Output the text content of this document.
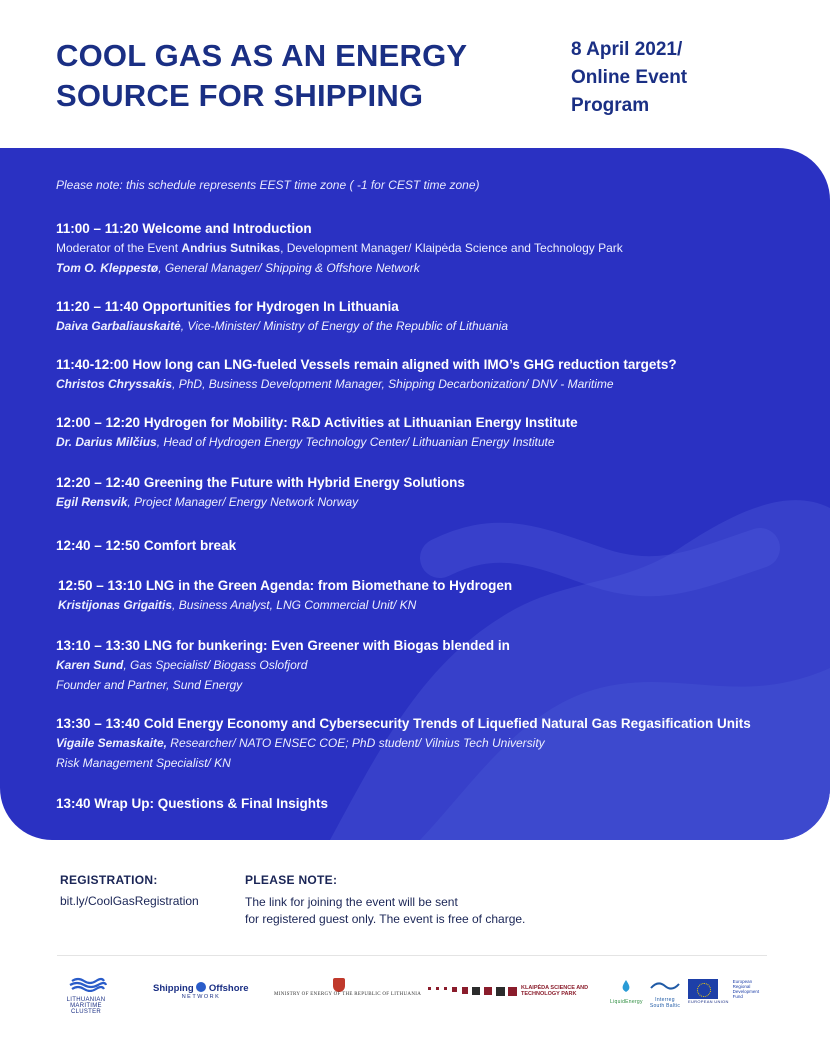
COOL GAS AS AN ENERGY
SOURCE FOR SHIPPING
8 April 2021/
Online Event
Program
Please note: this schedule represents EEST time zone ( -1 for CEST time zone)
11:00 – 11:20 Welcome and Introduction
Moderator of the Event Andrius Sutnikas, Development Manager/ Klaipėda Science and Technology Park
Tom O. Kleppestø, General Manager/ Shipping & Offshore Network
11:20 – 11:40 Opportunities for Hydrogen In Lithuania
Daiva Garbaliauskaitė, Vice-Minister/ Ministry of Energy of the Republic of Lithuania
11:40-12:00 How long can LNG-fueled Vessels remain aligned with IMO’s GHG reduction targets?
Christos Chryssakis, PhD, Business Development Manager, Shipping Decarbonization/ DNV - Maritime
12:00 – 12:20 Hydrogen for Mobility: R&D Activities at Lithuanian Energy Institute
Dr. Darius Milčius, Head of Hydrogen Energy Technology Center/ Lithuanian Energy Institute
12:20 – 12:40 Greening the Future with Hybrid Energy Solutions
Egil Rensvik, Project Manager/ Energy Network Norway
12:40 – 12:50 Comfort break
12:50 – 13:10 LNG in the Green Agenda: from Biomethane to Hydrogen
Kristijonas Grigaitis, Business Analyst, LNG Commercial Unit/ KN
13:10 – 13:30 LNG for bunkering: Even Greener with Biogas blended in
Karen Sund, Gas Specialist/ Biogass Oslofjord
Founder and Partner, Sund Energy
13:30 – 13:40 Cold Energy Economy and Cybersecurity Trends of Liquefied Natural Gas Regasification Units
Vigaile Semaskaite, Researcher/ NATO ENSEC COE; PhD student/ Vilnius Tech University
Risk Management Specialist/ KN
13:40 Wrap Up: Questions & Final Insights
REGISTRATION:
bit.ly/CoolGasRegistration
PLEASE NOTE:
The link for joining the event will be sent
for registered guest only. The event is free of charge.
LITHUANIAN MARITIME CLUSTER
Shipping Offshore
NETWORK	MINISTRY OF ENERGY OF THE REPUBLIC OF LITHUANIA
KLAIPĖDA SCIENCE AND TECHNOLOGY PARK
LiquidEnergy	Interreg South Baltic
EUROPEAN UNION
European Regional Development Fund
